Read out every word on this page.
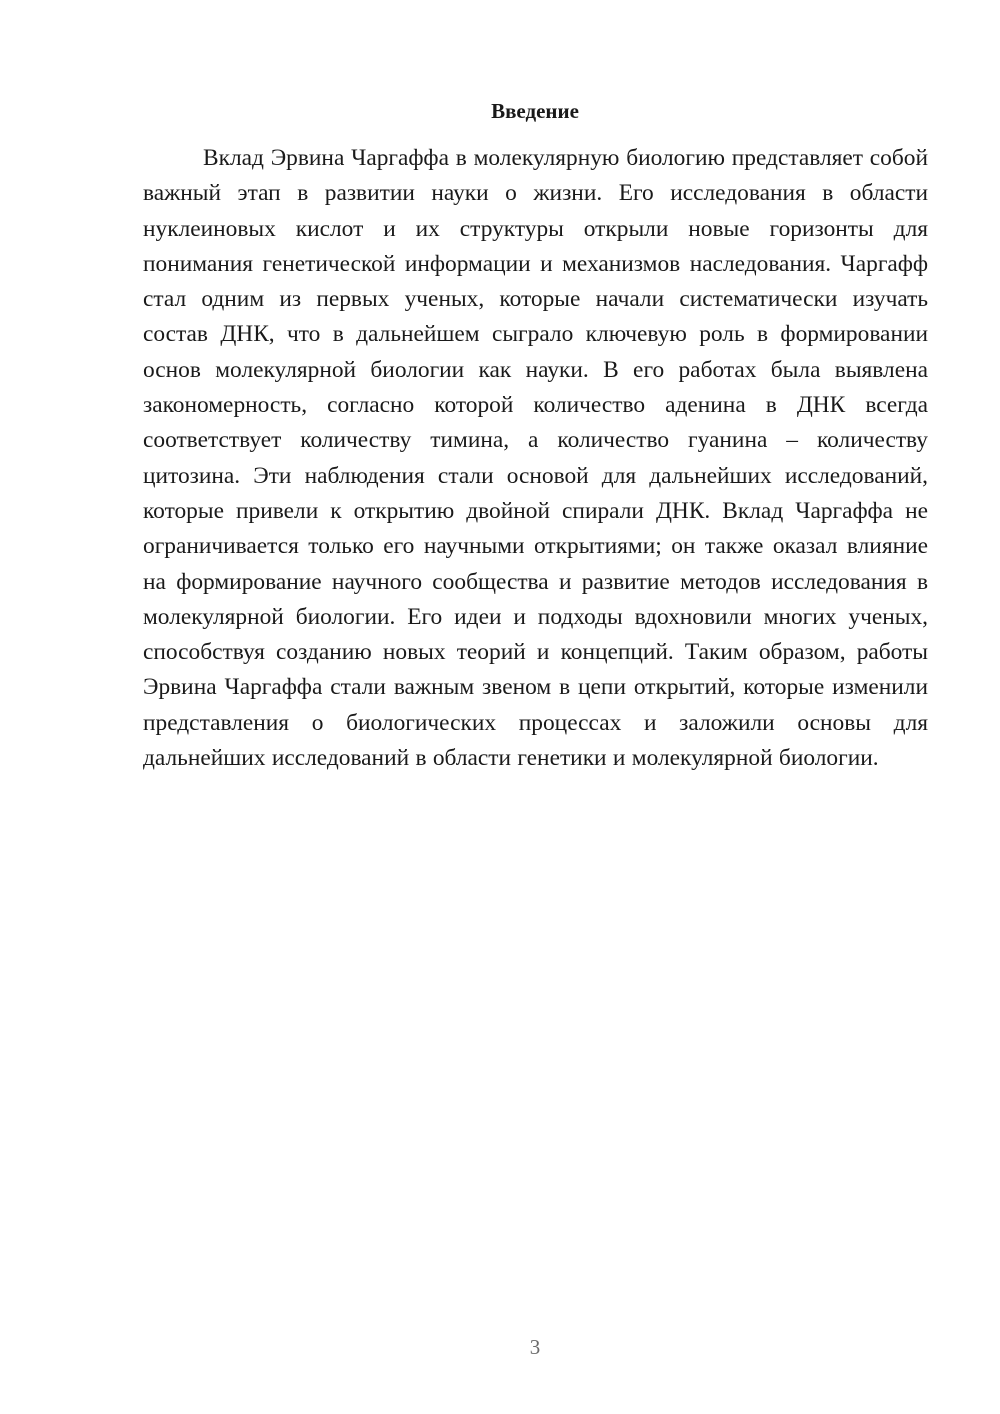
Введение

Вклад Эрвина Чаргаффа в молекулярную биологию представляет собой важный этап в развитии науки о жизни. Его исследования в области нуклеиновых кислот и их структуры открыли новые горизонты для понимания генетической информации и механизмов наследования. Чаргафф стал одним из первых ученых, которые начали систематически изучать состав ДНК, что в дальнейшем сыграло ключевую роль в формировании основ молекулярной биологии как науки. В его работах была выявлена закономерность, согласно которой количество аденина в ДНК всегда соответствует количеству тимина, а количество гуанина – количеству цитозина. Эти наблюдения стали основой для дальнейших исследований, которые привели к открытию двойной спирали ДНК. Вклад Чаргаффа не ограничивается только его научными открытиями; он также оказал влияние на формирование научного сообщества и развитие методов исследования в молекулярной биологии. Его идеи и подходы вдохновили многих ученых, способствуя созданию новых теорий и концепций. Таким образом, работы Эрвина Чаргаффа стали важным звеном в цепи открытий, которые изменили представления о биологических процессах и заложили основы для дальнейших исследований в области генетики и молекулярной биологии.

3
